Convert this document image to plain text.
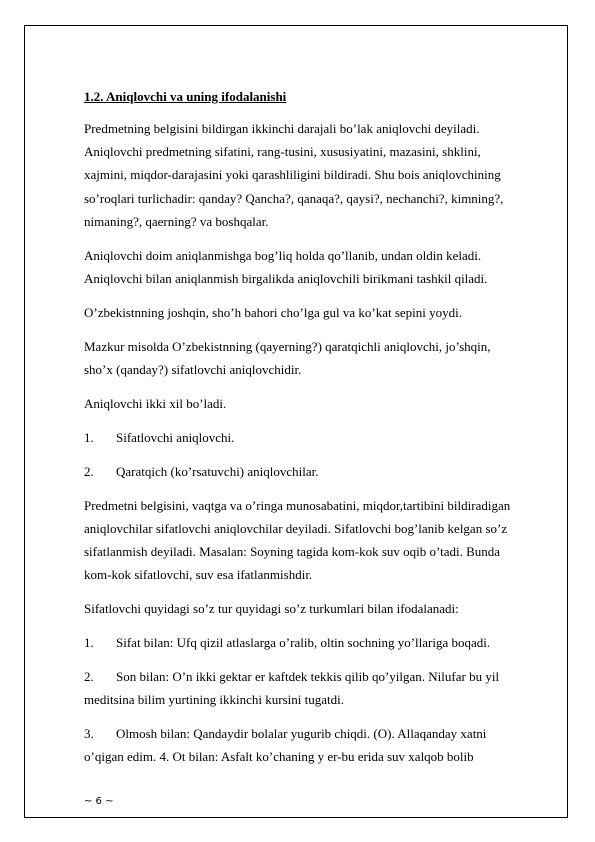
1.2. Aniqlovchi va uning ifodalanishi
Predmetning belgisini bildirgan ikkinchi darajali bo’lak aniqlovchi deyiladi.
Aniqlovchi predmetning sifatini, rang-tusini, xususiyatini, mazasini, shklini,
xajmini, miqdor-darajasini yoki qarashliligini bildiradi. Shu bois aniqlovchining
so’roqlari turlichadir: qanday? Qancha?, qanaqa?, qaysi?, nechanchi?, kimning?,
nimaning?, qaerning? va boshqalar.
Aniqlovchi doim aniqlanmishga bog’liq holda qo’llanib, undan oldin keladi.
Aniqlovchi bilan aniqlanmish birgalikda aniqlovchili birikmani tashkil qiladi.
O’zbekistnning joshqin, sho’h bahori cho’lga gul va ko’kat sepini yoydi.
Mazkur misolda O’zbekistnning (qayerning?) qaratqichli aniqlovchi, jo’shqin,
sho’x (qanday?) sifatlovchi aniqlovchidir.
Aniqlovchi ikki xil bo’ladi.
1. Sifatlovchi aniqlovchi.
2. Qaratqich (ko’rsatuvchi) aniqlovchilar.
Predmetni belgisini, vaqtga va o’ringa munosabatini, miqdor,tartibini bildiradigan
aniqlovchilar sifatlovchi aniqlovchilar deyiladi. Sifatlovchi bog’lanib kelgan so’z
sifatlanmish deyiladi. Masalan: Soyning tagida kom-kok suv oqib o’tadi. Bunda
kom-kok sifatlovchi, suv esa ifatlanmishdir.
Sifatlovchi quyidagi so’z tur quyidagi so’z turkumlari bilan ifodalanadi:
1. Sifat bilan: Ufq qizil atlaslarga o’ralib, oltin sochning yo’llariga boqadi.
2. Son bilan: O’n ikki gektar er kaftdek tekkis qilib qo’yilgan. Nilufar bu yil
meditsina bilim yurtining ikkinchi kursini tugatdi.
3. Olmosh bilan: Qandaydir bolalar yugurib chiqdi. (O). Allaqanday xatni
o’qigan edim. 4. Ot bilan: Asfalt ko’chaning y er-bu erida suv xalqob bolib
~ 6 ~
